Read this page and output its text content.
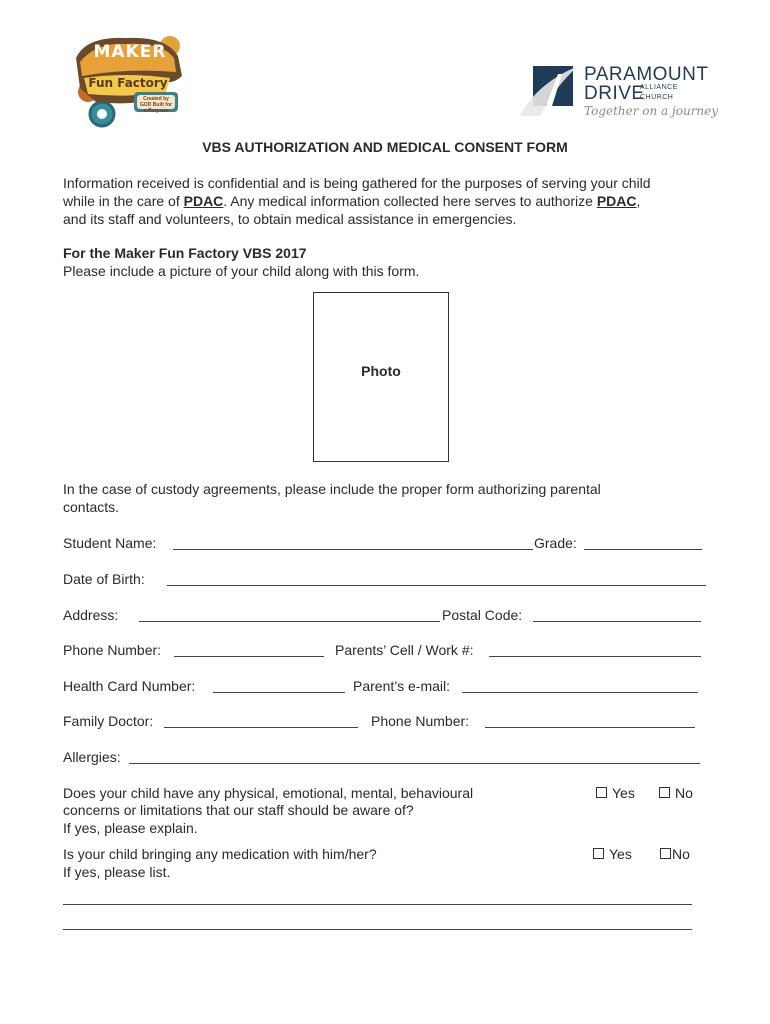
MAKER
Fun Factory
Created by GOD Built for a Purpose
PARAMOUNT
DRIVE
ALLIANCE
CHURCH
Together on a journey
VBS AUTHORIZATION AND MEDICAL CONSENT FORM
Information received is confidential and is being gathered for the purposes of serving your child
while in the care of PDAC. Any medical information collected here serves to authorize PDAC,
and its staff and volunteers, to obtain medical assistance in emergencies.
For the Maker Fun Factory VBS 2017
Please include a picture of your child along with this form.
Photo
In the case of custody agreements, please include the proper form authorizing parental
contacts.
Student Name:	Grade:
Date of Birth:
Address:	Postal Code:
Phone Number:	Parents’ Cell / Work #:
Health Card Number:	Parent’s e-mail:
Family Doctor:	Phone Number:
Allergies:
Does your child have any physical, emotional, mental, behavioural
concerns or limitations that our staff should be aware of?
If yes, please explain.
Yes	No
Is your child bringing any medication with him/her?
If yes, please list.
Yes	No
